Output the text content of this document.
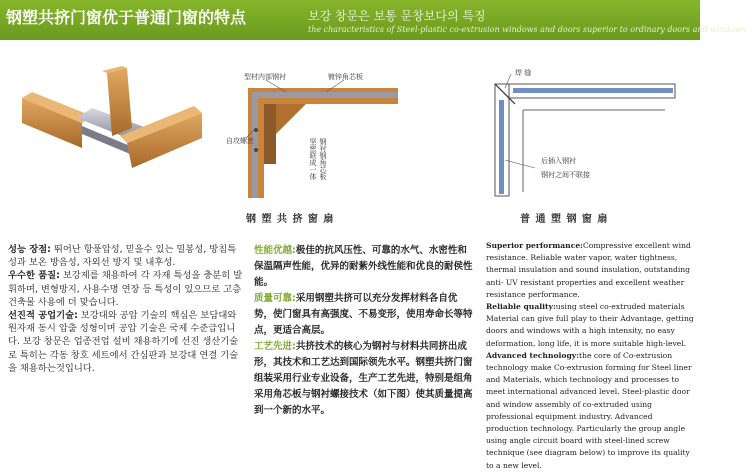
钢塑共挤门窗优于普通门窗的特点	보강 창문은 보통 문창보다의 특징
the characteristics of Steel-plastic co-extrusion windows and doors superior to ordinary doors and windows
型材内部钢衬	镀锌角芯板
自攻螺丝	坚密联成一体 钢衬钢角芯板
钢 塑 共 挤 窗 扇
焊 缝
后插入钢衬
钢衬之间不联接
普 通 塑 钢 窗 扇

성능 장점: 뛰어난 항풍압성, 믿을수 있는 밀봉성, 방침특성과 보온 방음성, 자외선 방지 및 내후성.

우수한 품질: 보강제를 채용하여 각 자재 특성을 충분히 발휘하며, 변형방지, 사용수명 연장 등 특성이 있으므로 고층 건축물 사용에 더 맞습니다.

선진적 공업기술: 보강대와 공압 기술의 핵심은 보담대와 원자재 동시 압출 성형이며 공압 기술은 국제 수준급입니다. 보강 창문은 업종전업 설비 채용하기에 선진 생산기술로 특히는 각동 창호 세트에서 간심판과 보강대 연결 기술을 채용하는것입니다.

性能优越:极佳的抗风压性、可靠的水气、水密性和保温隔声性能，优异的耐紫外线性能和优良的耐侯性能。

质量可靠:采用钢塑共挤可以充分发挥材料各自优势，使门窗具有高强度、不易变形，使用寿命长等特点，更适合高层。

工艺先进:共挤技术的核心为钢衬与材料共同挤出成形，其技术和工艺达到国际领先水平。钢塑共挤门窗组装采用行业专业设备，生产工艺先进，特别是组角采用角芯板与钢衬螺接技术（如下图）使其质量提高到一个新的水平。

Superior performance:Compressive excellent wind resistance. Reliable water vapor, water tightness, thermal insulation and sound insulation, outstanding anti- UV resistant properties and excellent weather resistance performance.

Reliable quality:using steel co-extruded materials Material can give full play to their Advantage, getting doors and windows with a high intensity, no easy deformation, long life, it is more suitable high-level.

Advanced technology:the core of Co-extrusion technology make Co-extrusion forming for Steel liner and Materials, which technology and processes to meet international advanced level. Steel-plastic door and window assembly of co-extruded using professional equipment industry. Advanced production technology. Particularly the group angle using angle circuit board with steel-lined screw technique (see diagram below) to improve its quality to a new level.
